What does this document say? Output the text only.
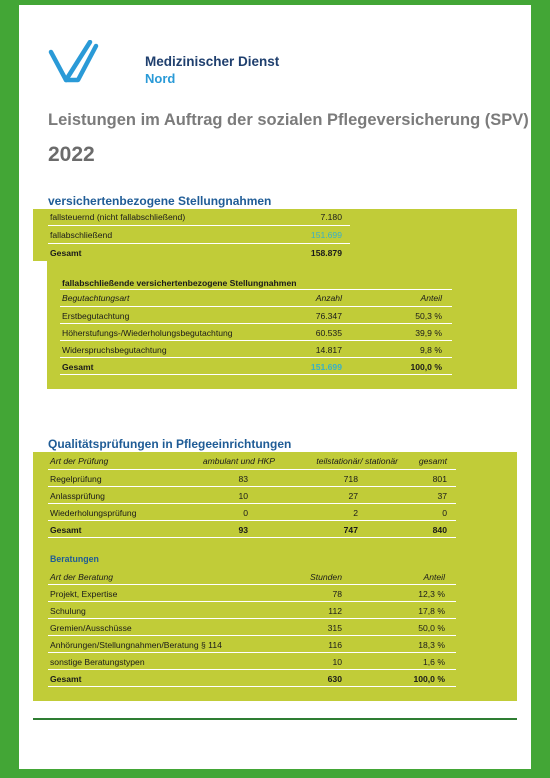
Medizinischer Dienst
Nord
Leistungen im Auftrag der sozialen Pflegeversicherung (SPV)
2022
versichertenbezogene Stellungnahmen
fallsteuernd (nicht fallabschließend)	7.180
fallabschließend	151.699
Gesamt	158.879
fallabschließende versichertenbezogene Stellungnahmen
Begutachtungsart	Anzahl	Anteil
Erstbegutachtung	76.347	50,3 %
Höherstufungs-/Wiederholungsbegutachtung	60.535	39,9 %
Widerspruchsbegutachtung	14.817	9,8 %
Gesamt	151.699	100,0 %
Qualitätsprüfungen in Pflegeeinrichtungen
Art der Prüfung	ambulant und HKP	teilstationär/ stationär	gesamt
Regelprüfung	83	718	801
Anlassprüfung	10	27	37
Wiederholungsprüfung	0	2	0
Gesamt	93	747	840
Beratungen
Art der Beratung	Stunden	Anteil
Projekt, Expertise	78	12,3 %
Schulung	112	17,8 %
Gremien/Ausschüsse	315	50,0 %
Anhörungen/Stellungnahmen/Beratung § 114	116	18,3 %
sonstige Beratungstypen	10	1,6 %
Gesamt	630	100,0 %
